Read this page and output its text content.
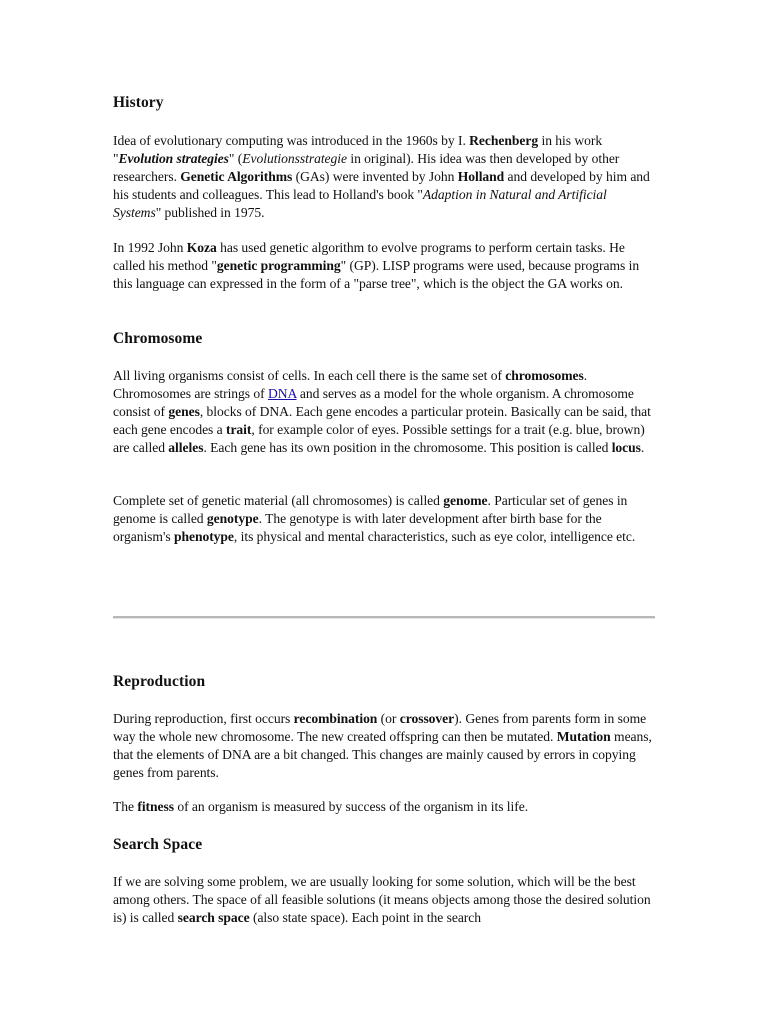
History

Idea of evolutionary computing was introduced in the 1960s by I. Rechenberg in his work "Evolution strategies" (Evolutionsstrategie in original). His idea was then developed by other researchers. Genetic Algorithms (GAs) were invented by John Holland and developed by him and his students and colleagues. This lead to Holland's book "Adaption in Natural and Artificial Systems" published in 1975.

In 1992 John Koza has used genetic algorithm to evolve programs to perform certain tasks. He called his method "genetic programming" (GP). LISP programs were used, because programs in this language can expressed in the form of a "parse tree", which is the object the GA works on.

Chromosome

All living organisms consist of cells. In each cell there is the same set of chromosomes. Chromosomes are strings of DNA and serves as a model for the whole organism. A chromosome consist of genes, blocks of DNA. Each gene encodes a particular protein. Basically can be said, that each gene encodes a trait, for example color of eyes. Possible settings for a trait (e.g. blue, brown) are called alleles. Each gene has its own position in the chromosome. This position is called locus.

Complete set of genetic material (all chromosomes) is called genome. Particular set of genes in genome is called genotype. The genotype is with later development after birth base for the organism's phenotype, its physical and mental characteristics, such as eye color, intelligence etc.

Reproduction

During reproduction, first occurs recombination (or crossover). Genes from parents form in some way the whole new chromosome. The new created offspring can then be mutated. Mutation means, that the elements of DNA are a bit changed. This changes are mainly caused by errors in copying genes from parents.

The fitness of an organism is measured by success of the organism in its life.

Search Space

If we are solving some problem, we are usually looking for some solution, which will be the best among others. The space of all feasible solutions (it means objects among those the desired solution is) is called search space (also state space). Each point in the search
